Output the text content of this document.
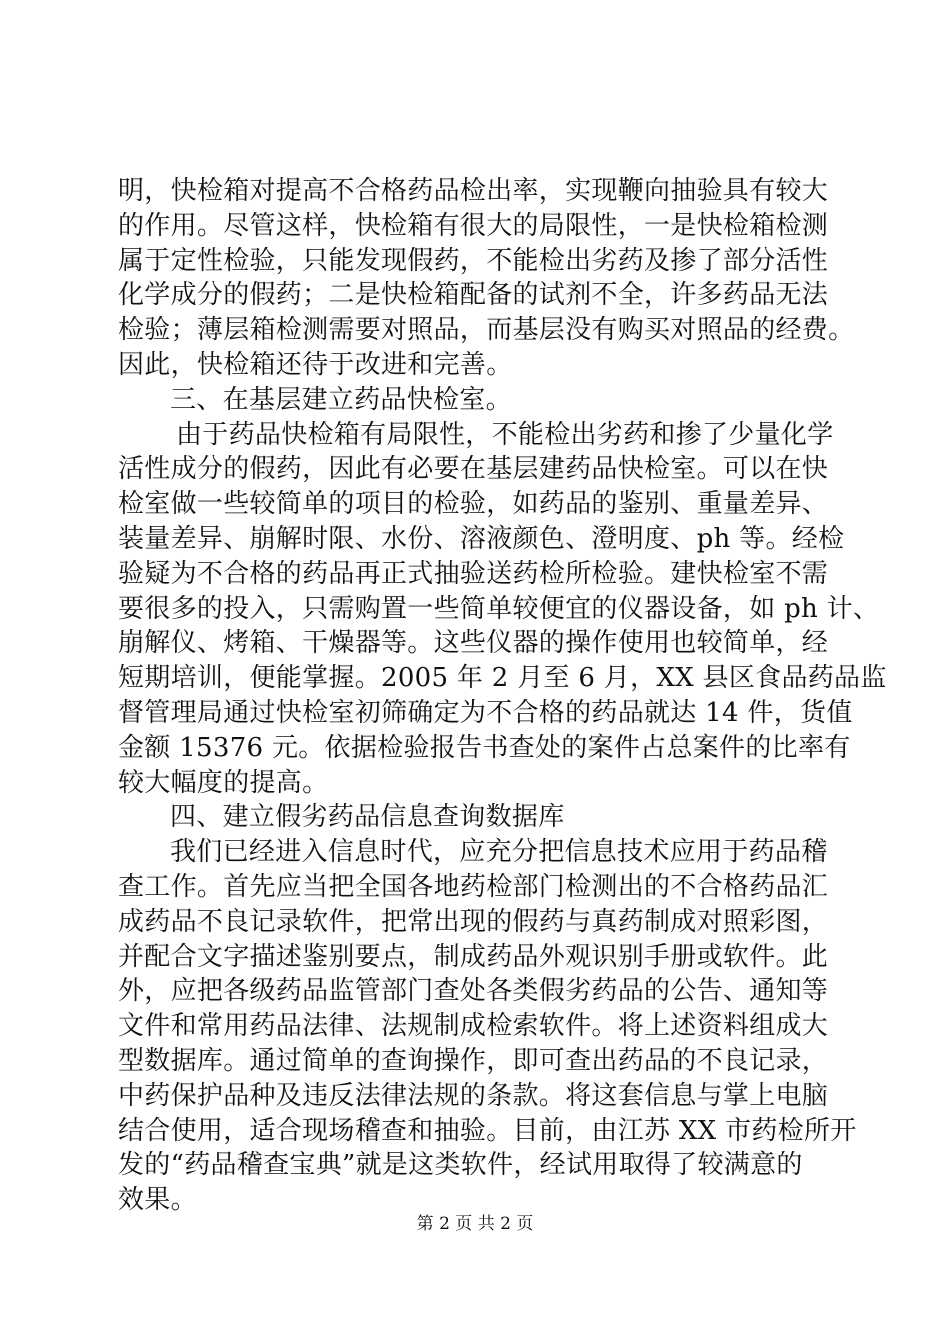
明，快检箱对提高不合格药品检出率，实现鞭向抽验具有较大
的作用。尽管这样，快检箱有很大的局限性，一是快检箱检测
属于定性检验，只能发现假药，不能检出劣药及掺了部分活性
化学成分的假药；二是快检箱配备的试剂不全，许多药品无法
检验；薄层箱检测需要对照品，而基层没有购买对照品的经费。
因此，快检箱还待于改进和完善。
三、在基层建立药品快检室。
由于药品快检箱有局限性，不能检出劣药和掺了少量化学
活性成分的假药，因此有必要在基层建药品快检室。可以在快
检室做一些较简单的项目的检验，如药品的鉴别、重量差异、
装量差异、崩解时限、水份、溶液颜色、澄明度、ph 等。经检
验疑为不合格的药品再正式抽验送药检所检验。建快检室不需
要很多的投入，只需购置一些简单较便宜的仪器设备，如 ph 计、
崩解仪、烤箱、干燥器等。这些仪器的操作使用也较简单，经
短期培训，便能掌握。2005 年 2 月至 6 月，XX 县区食品药品监
督管理局通过快检室初筛确定为不合格的药品就达 14 件，货值
金额 15376 元。依据检验报告书查处的案件占总案件的比率有
较大幅度的提高。
四、建立假劣药品信息查询数据库
我们已经进入信息时代，应充分把信息技术应用于药品稽
查工作。首先应当把全国各地药检部门检测出的不合格药品汇
成药品不良记录软件，把常出现的假药与真药制成对照彩图，
并配合文字描述鉴别要点，制成药品外观识别手册或软件。此
外，应把各级药品监管部门查处各类假劣药品的公告、通知等
文件和常用药品法律、法规制成检索软件。将上述资料组成大
型数据库。通过简单的查询操作，即可查出药品的不良记录，
中药保护品种及违反法律法规的条款。将这套信息与掌上电脑
结合使用，适合现场稽查和抽验。目前，由江苏 XX 市药检所开
发的“药品稽查宝典”就是这类软件，经试用取得了较满意的
效果。
第 2 页 共 2 页
